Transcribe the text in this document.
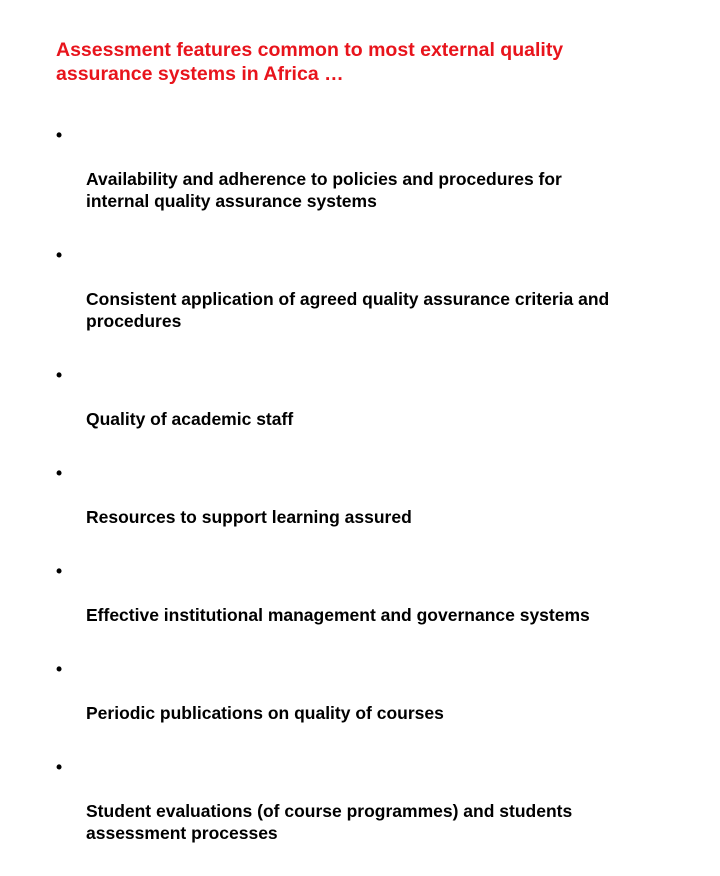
Assessment features common to most external quality
assurance systems in Africa …

•

Availability and adherence to policies and procedures for
internal quality assurance systems

•

Consistent application of agreed quality assurance criteria and
procedures

•

Quality of academic staff

•

Resources to support learning assured

•

Effective institutional management and governance systems

•

Periodic publications on quality of courses

•

Student evaluations (of course programmes) and students
assessment processes
